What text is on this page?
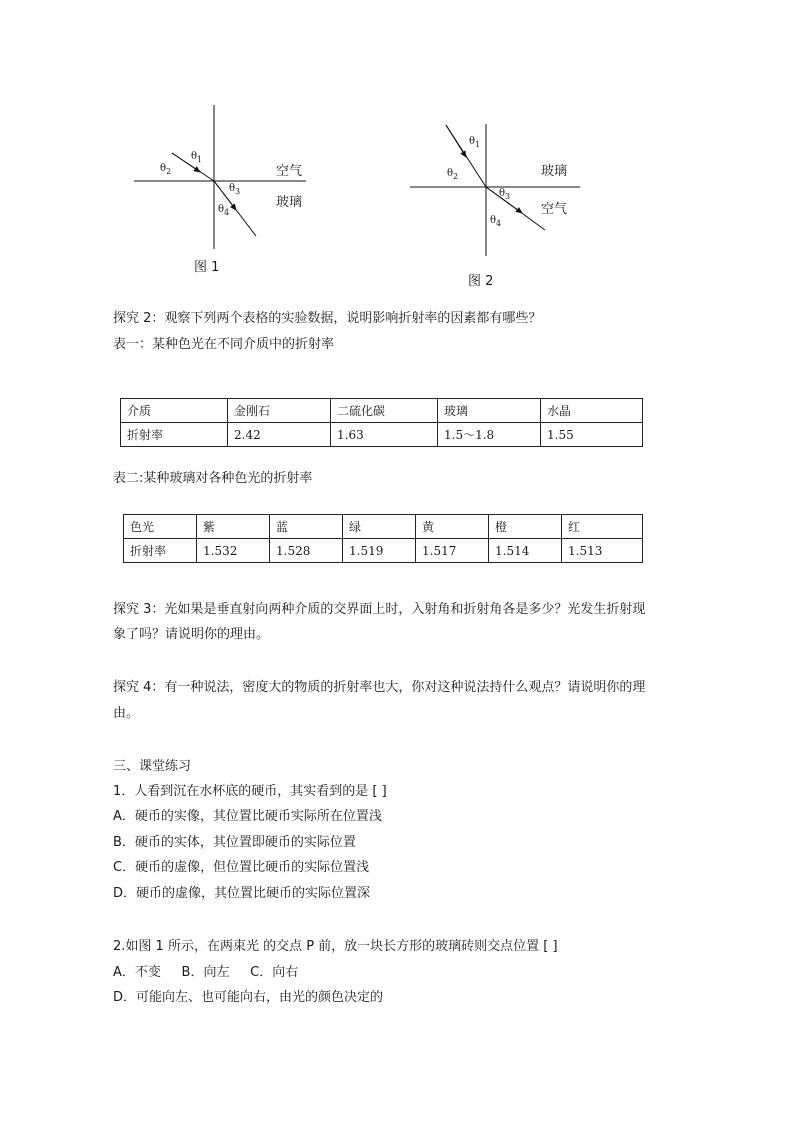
$\theta_1$
$\theta_2$
$\theta_3$
$\theta_4$
空气
玻璃
图 1
$\theta_1$
$\theta_2$
$\theta_3$
$\theta_4$
玻璃
空气
图 2
探究 2：观察下列两个表格的实验数据，说明影响折射率的因素都有哪些？
表一：某种色光在不同介质中的折射率
介质	金刚石	二硫化碳	玻璃	水晶
折射率	2.42	1.63	1.5～1.8	1.55
表二:某种玻璃对各种色光的折射率
色光	紫	蓝	绿	黄	橙	红
折射率	1.532	1.528	1.519	1.517	1.514	1.513
探究 3：光如果是垂直射向两种介质的交界面上时，入射角和折射角各是多少？光发生折射现
象了吗？请说明你的理由。
探究 4：有一种说法，密度大的物质的折射率也大，你对这种说法持什么观点？请说明你的理
由。
三、课堂练习
1．人看到沉在水杯底的硬币，其实看到的是 [ ]
A．硬币的实像，其位置比硬币实际所在位置浅
B．硬币的实体，其位置即硬币的实际位置
C．硬币的虚像，但位置比硬币的实际位置浅
D．硬币的虚像，其位置比硬币的实际位置深
2.如图 1 所示，在两束光 的交点 P 前，放一块长方形的玻璃砖则交点位置 [ ]
A．不变     B．向左     C．向右
D．可能向左、也可能向右，由光的颜色决定的
